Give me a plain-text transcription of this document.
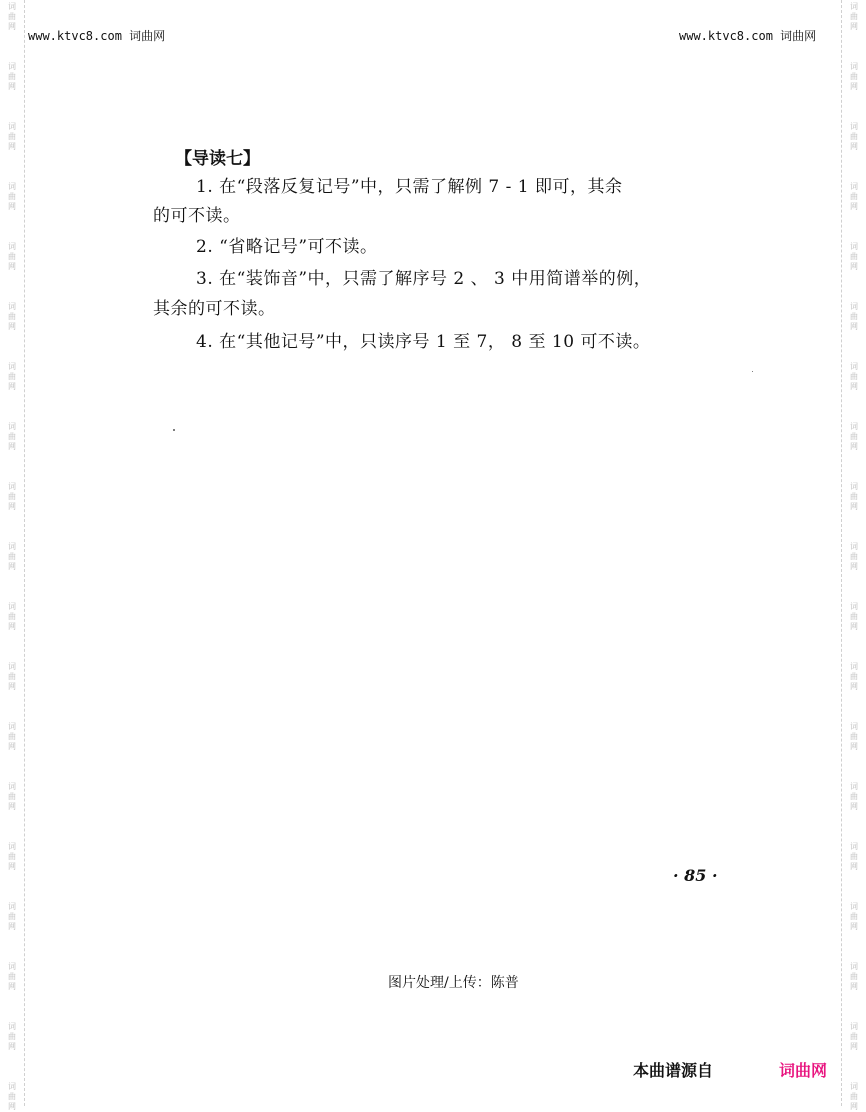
词
曲
网
词
曲
网
词
曲
网
词
曲
网
词
曲
网
词
曲
网
词
曲
网
词
曲
网
词
曲
网
词
曲
网
词
曲
网
词
曲
网
词
曲
网
词
曲
网
词
曲
网
词
曲
网
词
曲
网
词
曲
网
词
曲
网
词
曲
网
词
曲
网
词
曲
网
词
曲
网
词
曲
网
词
曲
网
词
曲
网
词
曲
网
词
曲
网
词
曲
网
词
曲
网
词
曲
网
词
曲
网
词
曲
网
词
曲
网
词
曲
网
词
曲
网
词
曲
网
词
曲
网
www.ktvc8.com 词曲网	www.ktvc8.com 词曲网
【导读七】
1. 在“段落反复记号”中，只需了解例 7 - 1 即可，其余
的可不读。
2. “省略记号”可不读。
3. 在“装饰音”中，只需了解序号 2 、 3 中用简谱举的例，
其余的可不读。
4. 在“其他记号”中，只读序号 1 至 7， 8 至 10 可不读。
· 85 ·
图片处理/上传：陈普
本曲谱源自	词曲网
